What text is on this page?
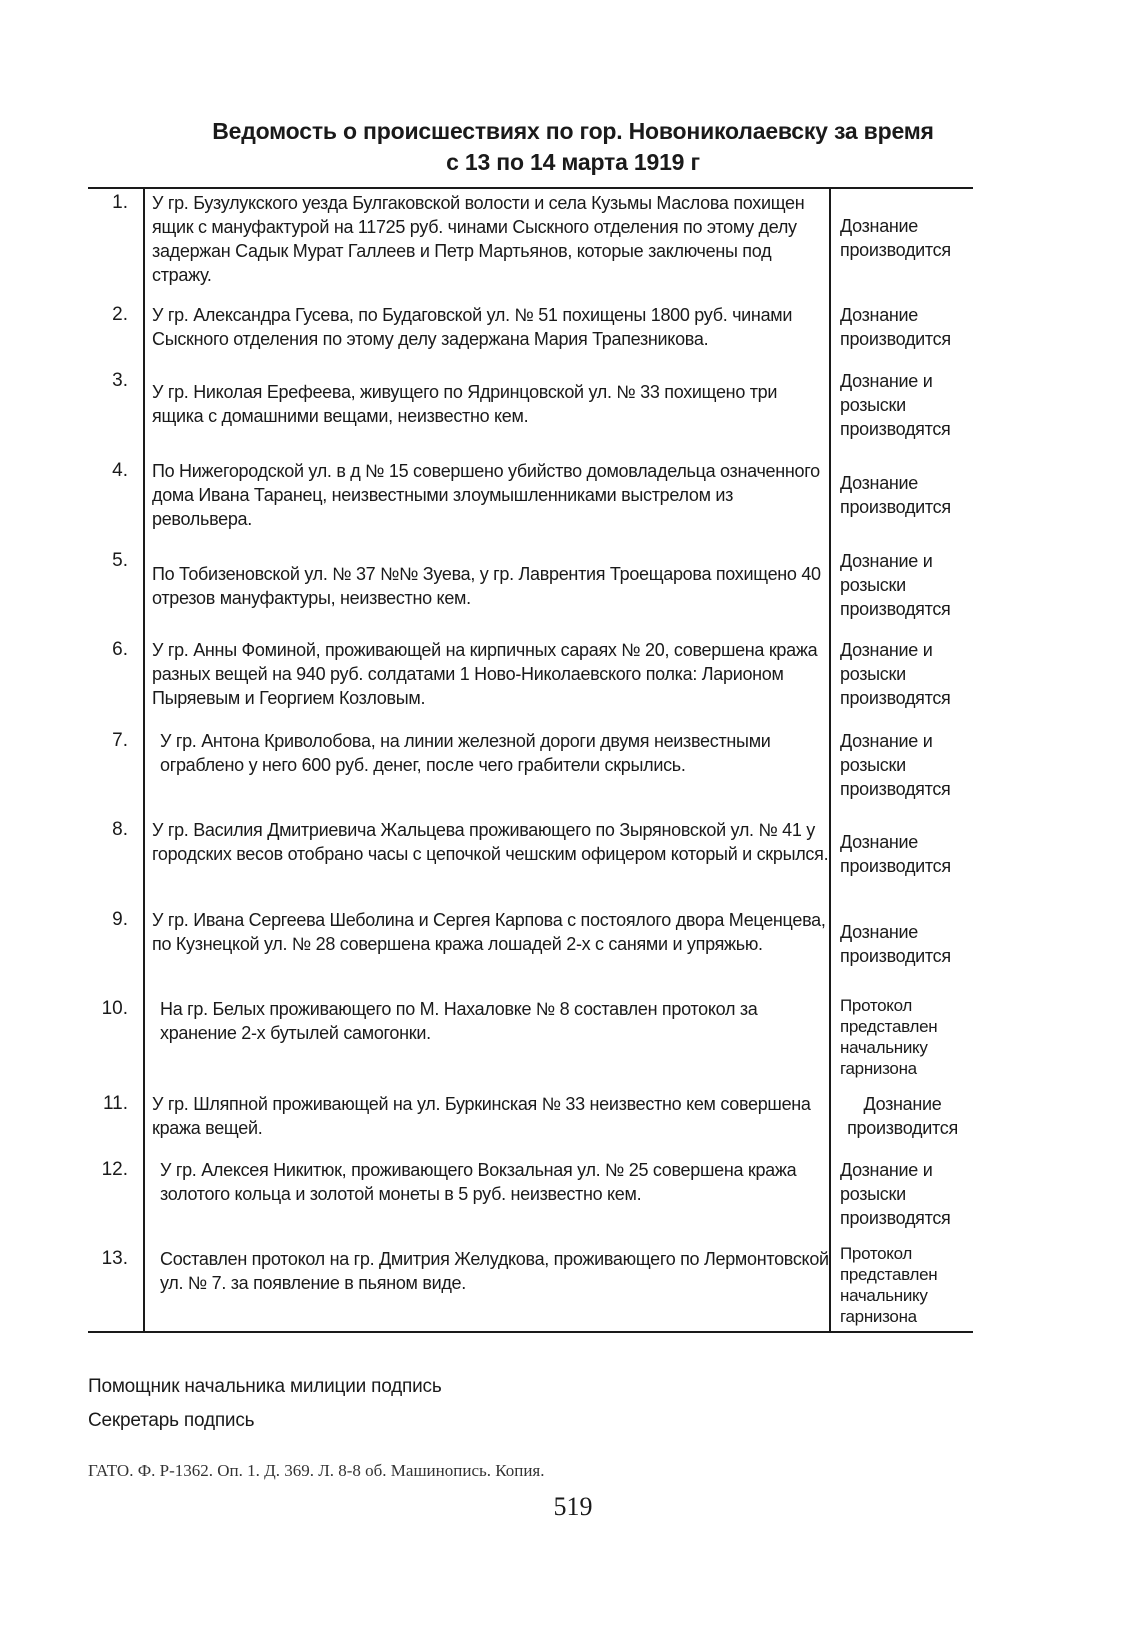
Ведомость о происшествиях по гор. Новониколаевску за время
с 13 по 14 марта 1919 г
1. У гр. Бузулукского уезда Булгаковской волости и села Кузьмы Маслова похищен ящик с мануфактурой на 11725 руб. чинами Сыскного отделения по этому делу задержан Садык Мурат Галлеев и Петр Мартьянов, которые заключены под стражу.
Дознание производится
2. У гр. Александра Гусева, по Будаговской ул. № 51 похищены 1800 руб. чинами Сыскного отделения по этому делу задержана Мария Трапезникова.
Дознание производится
3.
У гр. Николая Ерефеева, живущего по Ядринцовской ул. № 33 похищено три ящика с домашними вещами, неизвестно кем.
Дознание и розыски производятся
4. По Нижегородской ул. в д № 15 совершено убийство домовладельца означенного дома Ивана Таранец, неизвестными злоумышленниками выстрелом из револьвера.
Дознание производится
5.
По Тобизеновской ул. № 37 №№ Зуева, у гр. Лаврентия Троещарова похищено 40 отрезов мануфактуры, неизвестно кем.
Дознание и розыски производятся
6. У гр. Анны Фоминой, проживающей на кирпичных сараях № 20, совершена кража разных вещей на 940 руб. солдатами 1 Ново-Николаевского полка: Ларионом Пыряевым и Георгием Козловым.
Дознание и розыски производятся
7. У гр. Антона Криволобова, на линии железной дороги двумя неизвестными ограблено у него 600 руб. денег, после чего грабители скрылись.
Дознание и розыски производятся
8. У гр. Василия Дмитриевича Жальцева проживающего по Зыряновской ул. № 41 у городских весов отобрано часы с цепочкой чешским офицером который и скрылся.
Дознание производится
9. У гр. Ивана Сергеева Шеболина и Сергея Карпова с постоялого двора Меценцева, по Кузнецкой ул. № 28 совершена кража лошадей 2-х с санями и упряжью.
Дознание производится
10. На гр. Белых проживающего по М. Нахаловке № 8 составлен протокол за хранение 2-х бутылей самогонки.
Протокол представлен начальнику гарнизона
11. У гр. Шляпной проживающей на ул. Буркинская № 33 неизвестно кем совершена кража вещей.
Дознание производится
12. У гр. Алексея Никитюк, проживающего Вокзальная ул. № 25 совершена кража золотого кольца и золотой монеты в 5 руб. неизвестно кем.
Дознание и розыски производятся
13. Составлен протокол на гр. Дмитрия Желудкова, проживающего по Лермонтовской ул. № 7. за появление в пьяном виде.
Протокол представлен начальнику гарнизона
Помощник начальника милиции подпись
Секретарь подпись
ГАТО. Ф. Р-1362. Оп. 1. Д. 369. Л. 8-8 об. Машинопись. Копия.
519
